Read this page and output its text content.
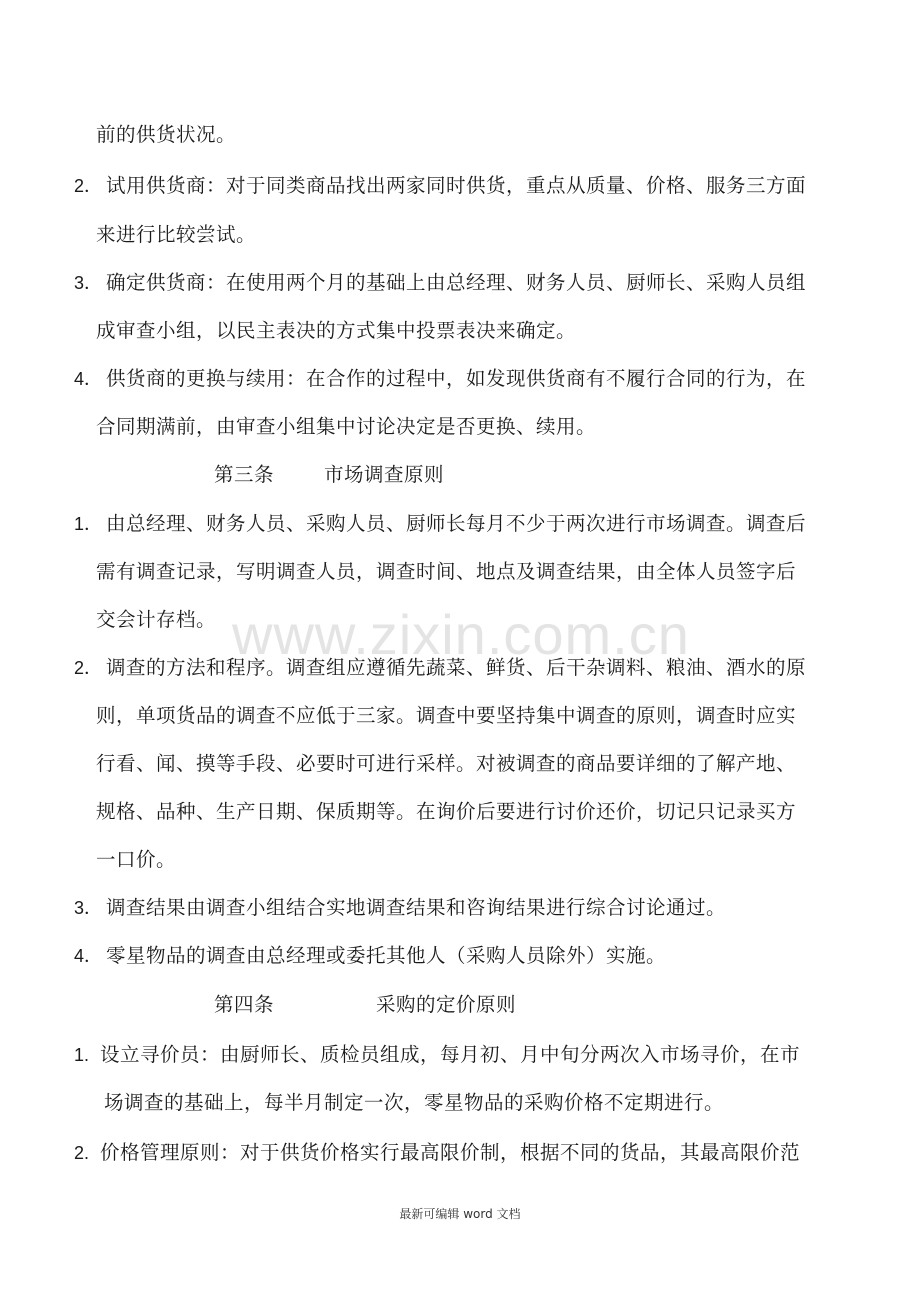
www.zixin.com.cn
前的供货状况。
2． 试用供货商：对于同类商品找出两家同时供货，重点从质量、价格、服务三方面
来进行比较尝试。
3． 确定供货商：在使用两个月的基础上由总经理、财务人员、厨师长、采购人员组
成审查小组，以民主表决的方式集中投票表决来确定。
4． 供货商的更换与续用：在合作的过程中，如发现供货商有不履行合同的行为，在
合同期满前，由审查小组集中讨论决定是否更换、续用。
第三条	市场调查原则
1． 由总经理、财务人员、采购人员、厨师长每月不少于两次进行市场调查。调查后
需有调查记录，写明调查人员，调查时间、地点及调查结果，由全体人员签字后
交会计存档。
2． 调查的方法和程序。调查组应遵循先蔬菜、鲜货、后干杂调料、粮油、酒水的原
则，单项货品的调查不应低于三家。调查中要坚持集中调查的原则，调查时应实
行看、闻、摸等手段、必要时可进行采样。对被调查的商品要详细的了解产地、
规格、品种、生产日期、保质期等。在询价后要进行讨价还价，切记只记录买方
一口价。
3． 调查结果由调查小组结合实地调查结果和咨询结果进行综合讨论通过。
4． 零星物品的调查由总经理或委托其他人（采购人员除外）实施。
第四条	采购的定价原则
1. 设立寻价员：由厨师长、质检员组成，每月初、月中旬分两次入市场寻价，在市
场调查的基础上，每半月制定一次，零星物品的采购价格不定期进行。
2. 价格管理原则：对于供货价格实行最高限价制，根据不同的货品，其最高限价范
最新可编辑 word 文档
